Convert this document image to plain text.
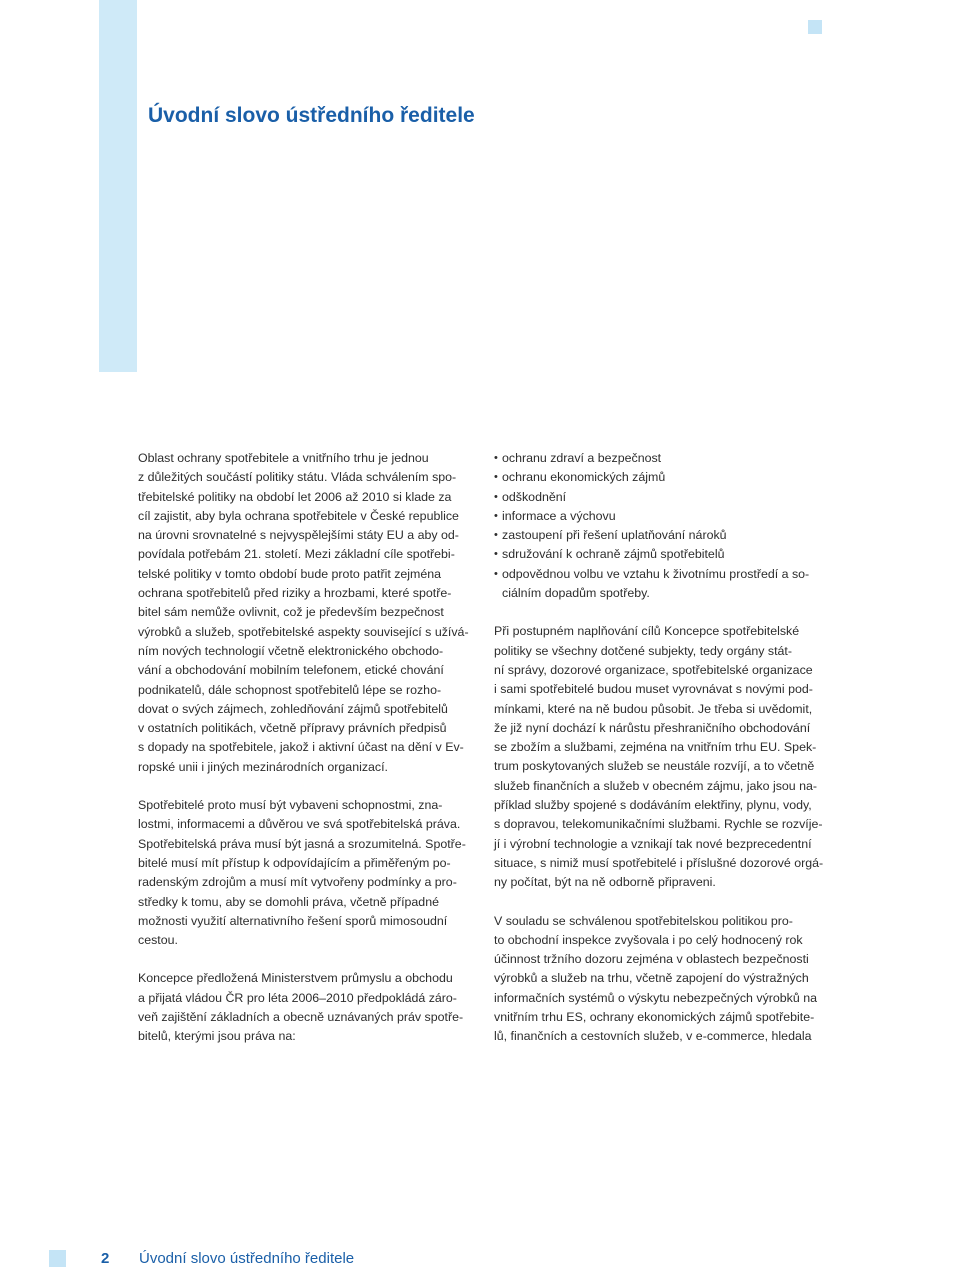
Úvodní slovo ústředního ředitele

Oblast ochrany spotřebitele a vnitřního trhu je jednou
z důležitých součástí politiky státu. Vláda schválením spo-
třebitelské politiky na období let 2006 až 2010 si klade za
cíl zajistit, aby byla ochrana spotřebitele v České republice
na úrovni srovnatelné s nejvyspělejšími státy EU a aby od-
povídala potřebám 21. století. Mezi základní cíle spotřebi-
telské politiky v tomto období bude proto patřit zejména
ochrana spotřebitelů před riziky a hrozbami, které spotře-
bitel sám nemůže ovlivnit, což je především bezpečnost
výrobků a služeb, spotřebitelské aspekty související s užívá-
ním nových technologií včetně elektronického obchodo-
vání a obchodování mobilním telefonem, etické chování
podnikatelů, dále schopnost spotřebitelů lépe se rozho-
dovat o svých zájmech, zohledňování zájmů spotřebitelů
v ostatních politikách, včetně přípravy právních předpisů
s dopady na spotřebitele, jakož i aktivní účast na dění v Ev-
ropské unii i jiných mezinárodních organizací.

Spotřebitelé proto musí být vybaveni schopnostmi, zna-
lostmi, informacemi a důvěrou ve svá spotřebitelská práva.
Spotřebitelská práva musí být jasná a srozumitelná. Spotře-
bitelé musí mít přístup k odpovídajícím a přiměřeným po-
radenským zdrojům a musí mít vytvořeny podmínky a pro-
středky k tomu, aby se domohli práva, včetně případné
možnosti využití alternativního řešení sporů mimosoudní
cestou.

Koncepce předložená Ministerstvem průmyslu a obchodu
a přijatá vládou ČR pro léta 2006–2010 předpokládá záro-
veň zajištění základních a obecně uznávaných práv spotře-
bitelů, kterými jsou práva na:

• ochranu zdraví a bezpečnost
• ochranu ekonomických zájmů
• odškodnění
• informace a výchovu
• zastoupení při řešení uplatňování nároků
• sdružování k ochraně zájmů spotřebitelů
• odpovědnou volbu ve vztahu k životnímu prostředí a so-
ciálním dopadům spotřeby.

Při postupném naplňování cílů Koncepce spotřebitelské
politiky se všechny dotčené subjekty, tedy orgány stát-
ní správy, dozorové organizace, spotřebitelské organizace
i sami spotřebitelé budou muset vyrovnávat s novými pod-
mínkami, které na ně budou působit. Je třeba si uvědomit,
že již nyní dochází k nárůstu přeshraničního obchodování
se zbožím a službami, zejména na vnitřním trhu EU. Spek-
trum poskytovaných služeb se neustále rozvíjí, a to včetně
služeb finančních a služeb v obecném zájmu, jako jsou na-
příklad služby spojené s dodáváním elektřiny, plynu, vody,
s dopravou, telekomunikačními službami. Rychle se rozvíje-
jí i výrobní technologie a vznikají tak nové bezprecedentní
situace, s nimiž musí spotřebitelé i příslušné dozorové orgá-
ny počítat, být na ně odborně připraveni.

V souladu se schválenou spotřebitelskou politikou pro-
to obchodní inspekce zvyšovala i po celý hodnocený rok
účinnost tržního dozoru zejména v oblastech bezpečnosti
výrobků a služeb na trhu, včetně zapojení do výstražných
informačních systémů o výskytu nebezpečných výrobků na
vnitřním trhu ES, ochrany ekonomických zájmů spotřebite-
lů, finančních a cestovních služeb, v e-commerce, hledala

2 Úvodní slovo ústředního ředitele
